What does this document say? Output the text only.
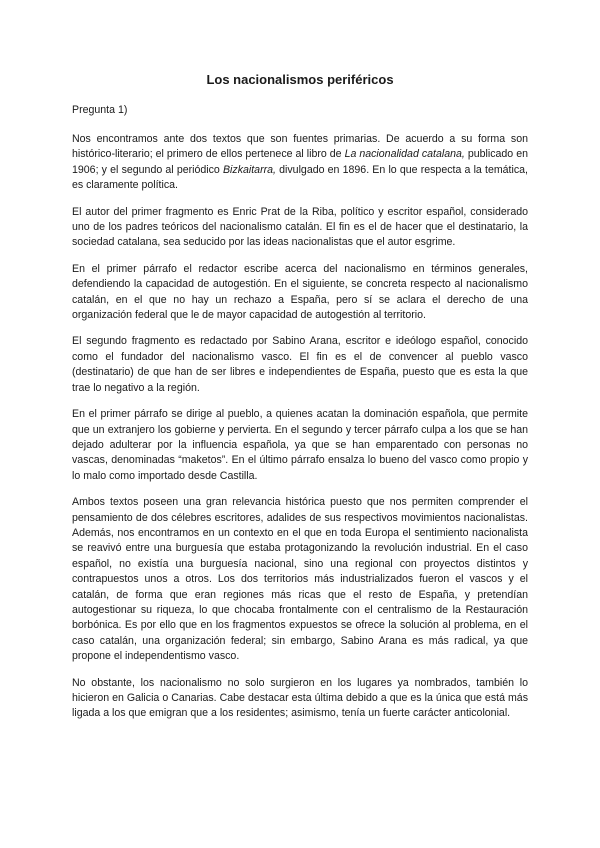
Los nacionalismos periféricos

Pregunta 1)

Nos encontramos ante dos textos que son fuentes primarias. De acuerdo a su forma son histórico-literario; el primero de ellos pertenece al libro de La nacionalidad catalana, publicado en 1906; y el segundo al periódico Bizkaitarra, divulgado en 1896. En lo que respecta a la temática, es claramente política.

El autor del primer fragmento es Enric Prat de la Riba, político y escritor español, considerado uno de los padres teóricos del nacionalismo catalán. El fin es el de hacer que el destinatario, la sociedad catalana, sea seducido por las ideas nacionalistas que el autor esgrime.

En el primer párrafo el redactor escribe acerca del nacionalismo en términos generales, defendiendo la capacidad de autogestión. En el siguiente, se concreta respecto al nacionalismo catalán, en el que no hay un rechazo a España, pero sí se aclara el derecho de una organización federal que le de mayor capacidad de autogestión al territorio.

El segundo fragmento es redactado por Sabino Arana, escritor e ideólogo español, conocido como el fundador del nacionalismo vasco. El fin es el de convencer al pueblo vasco (destinatario) de que han de ser libres e independientes de España, puesto que es esta la que trae lo negativo a la región.

En el primer párrafo se dirige al pueblo, a quienes acatan la dominación española, que permite que un extranjero los gobierne y pervierta. En el segundo y tercer párrafo culpa a los que se han dejado adulterar por la influencia española, ya que se han emparentado con personas no vascas, denominadas “maketos”. En el último párrafo ensalza lo bueno del vasco como propio y lo malo como importado desde Castilla.

Ambos textos poseen una gran relevancia histórica puesto que nos permiten comprender el pensamiento de dos célebres escritores, adalides de sus respectivos movimientos nacionalistas. Además, nos encontramos en un contexto en el que en toda Europa el sentimiento nacionalista se reavivó entre una burguesía que estaba protagonizando la revolución industrial. En el caso español, no existía una burguesía nacional, sino una regional con proyectos distintos y contrapuestos unos a otros. Los dos territorios más industrializados fueron el vascos y el catalán, de forma que eran regiones más ricas que el resto de España, y pretendían autogestionar su riqueza, lo que chocaba frontalmente con el centralismo de la Restauración borbónica. Es por ello que en los fragmentos expuestos se ofrece la solución al problema, en el caso catalán, una organización federal; sin embargo, Sabino Arana es más radical, ya que propone el independentismo vasco.

No obstante, los nacionalismo no solo surgieron en los lugares ya nombrados, también lo hicieron en Galicia o Canarias. Cabe destacar esta última debido a que es la única que está más ligada a los que emigran que a los residentes; asimismo, tenía un fuerte carácter anticolonial.
